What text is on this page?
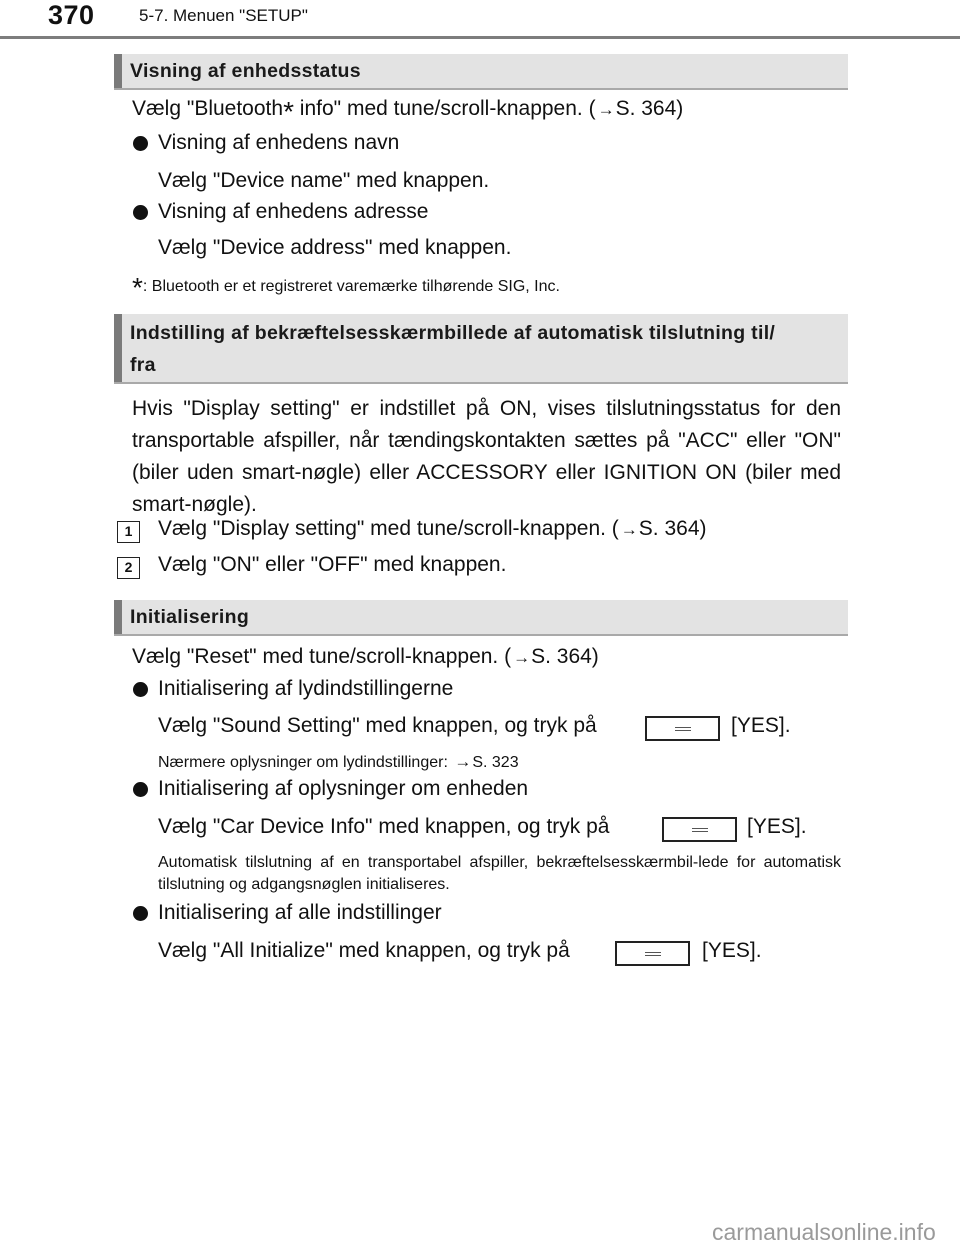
370	5-7. Menuen "SETUP"
Visning af enhedsstatus
Vælg "Bluetooth* info" med tune/scroll-knappen. ( →S. 364)
Visning af enhedens navn
Vælg "Device name" med knappen.
Visning af enhedens adresse
Vælg "Device address" med knappen.
*: Bluetooth er et registreret varemærke tilhørende SIG, Inc.
Indstilling af bekræftelsesskærmbillede af automatisk tilslutning til/
fra
Hvis "Display setting" er indstillet på ON, vises tilslutningsstatus for den transportable afspiller, når tændingskontakten sættes på "ACC" eller "ON" (biler uden smart-nøgle) eller ACCESSORY eller IGNITION ON (biler med smart-nøgle).
1	Vælg "Display setting" med tune/scroll-knappen. ( →S. 364)
2	Vælg "ON" eller "OFF" med knappen.
Initialisering
Vælg "Reset" med tune/scroll-knappen. ( →S. 364)
Initialisering af lydindstillingerne
Vælg "Sound Setting" med knappen, og tryk på	[YES].
Nærmere oplysninger om lydindstillinger: →S. 323
Initialisering af oplysninger om enheden
Vælg "Car Device Info" med knappen, og tryk på	[YES].
Automatisk tilslutning af en transportabel afspiller, bekræftelsesskærmbil-lede for automatisk tilslutning og adgangsnøglen initialiseres.
Initialisering af alle indstillinger
Vælg "All Initialize" med knappen, og tryk på	[YES].
carmanualsonline.info
